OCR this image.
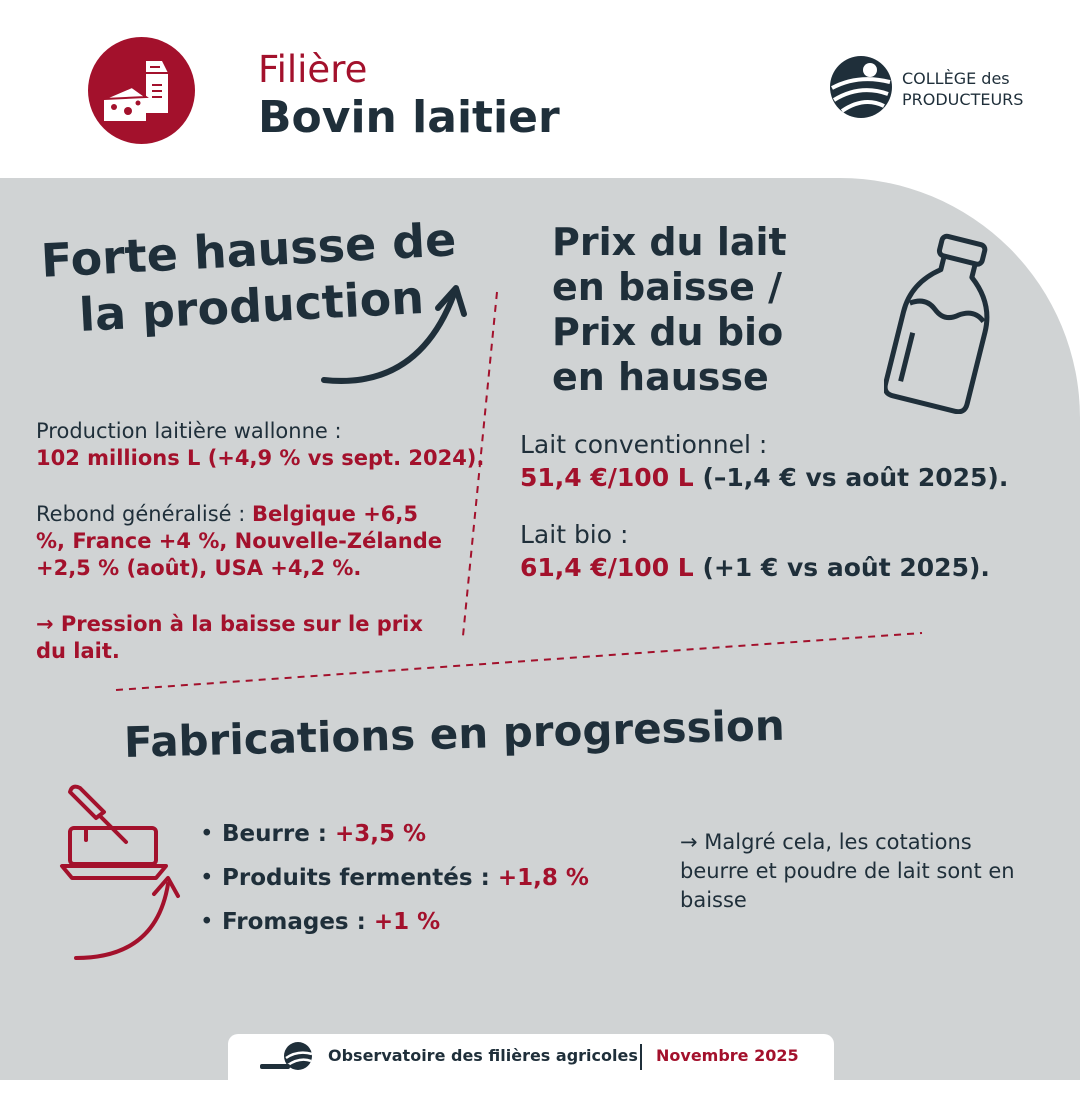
Filière
Bovin laitier
COLLÈGE des
PRODUCTEURS
Forte hausse de
la production
Production laitière wallonne :
102 millions L (+4,9 % vs sept. 2024).
Rebond généralisé : Belgique +6,5
%, France +4 %, Nouvelle-Zélande
+2,5 % (août), USA +4,2 %.
→ Pression à la baisse sur le prix
du lait.
Prix du lait
en baisse /
Prix du bio
en hausse
Lait conventionnel :
51,4 €/100 L (–1,4 € vs août 2025).
Lait bio :
61,4 €/100 L (+1 € vs août 2025).
Fabrications en progression
• Beurre : +3,5 %
• Produits fermentés : +1,8 %
• Fromages : +1 %
→ Malgré cela, les cotations beurre et poudre de lait sont en baisse
Observatoire des filières agricoles Novembre 2025
